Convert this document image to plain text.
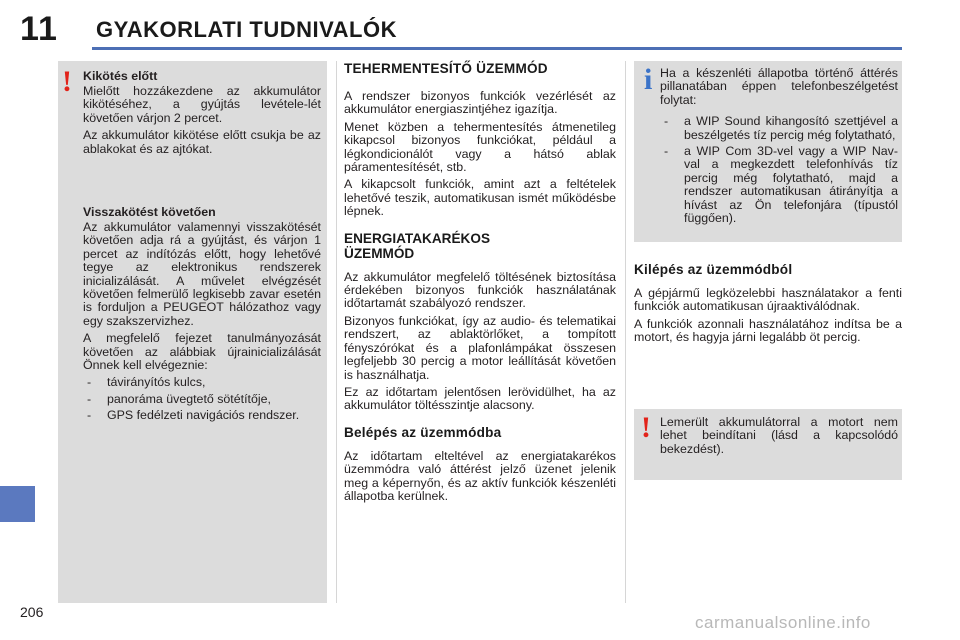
11 GYAKORLATI TUDNIVALÓK
! Kikötés előtt

Mielőtt hozzákezdene az akkumulátor kikötéséhez, a gyújtás levétele-lét követően várjon 2 percet.

Az akkumulátor kikötése előtt csukja be az ablakokat és az ajtókat.

Visszakötést követően

Az akkumulátor valamennyi visszakötését követően adja rá a gyújtást, és várjon 1 percet az indítózás előtt, hogy lehetővé tegye az elektronikus rendszerek inicializálását. A művelet elvégzését követően felmerülő legkisebb zavar esetén is forduljon a PEUGEOT hálózathoz vagy egy szakszervizhez.

A megfelelő fejezet tanulmányozását követően az alábbiak újrainicializálását Önnek kell elvégeznie:

- távirányítós kulcs,
- panoráma üvegtető sötétítője,
- GPS fedélzeti navigációs rendszer.
TEHERMENTESÍTŐ ÜZEMMÓD

A rendszer bizonyos funkciók vezérlését az akkumulátor energiaszintjéhez igazítja.

Menet közben a tehermentesítés átmenetileg kikapcsol bizonyos funkciókat, például a légkondicionálót vagy a hátsó ablak páramentesítését, stb.

A kikapcsolt funkciók, amint azt a feltételek lehetővé teszik, automatikusan ismét működésbe lépnek.

ENERGIATAKARÉKOS ÜZEMMÓD

Az akkumulátor megfelelő töltésének biztosítása érdekében bizonyos funkciók használatának időtartamát szabályozó rendszer.

Bizonyos funkciókat, így az audio- és telematikai rendszert, az ablaktörlőket, a tompított fényszórókat és a plafonlámpákat összesen legfeljebb 30 percig a motor leállítását követően is használhatja.

Ez az időtartam jelentősen lerövidülhet, ha az akkumulátor töltésszintje alacsony.

Belépés az üzemmódba

Az időtartam elteltével az energiatakarékos üzemmódra való áttérést jelző üzenet jelenik meg a képernyőn, és az aktív funkciók készenléti állapotba kerülnek.

i Ha a készenléti állapotba történő áttérés pillanatában éppen telefonbeszélgetést folytat:

- a WIP Sound kihangosító szettjével a beszélgetés tíz percig még folytatható,
- a WIP Com 3D-vel vagy a WIP Nav-val a megkezdett telefonhívás tíz percig még folytatható, majd a rendszer automatikusan átirányítja a hívást az Ön telefonjára (típustól függően).
Kilépés az üzemmódból

A gépjármű legközelebbi használatakor a fenti funkciók automatikusan újraaktiválódnak.

A funkciók azonnali használatához indítsa be a motort, és hagyja járni legalább öt percig.

! Lemerült akkumulátorral a motort nem lehet beindítani (lásd a kapcsolódó bekezdést).

206
carmanualsonline.info
